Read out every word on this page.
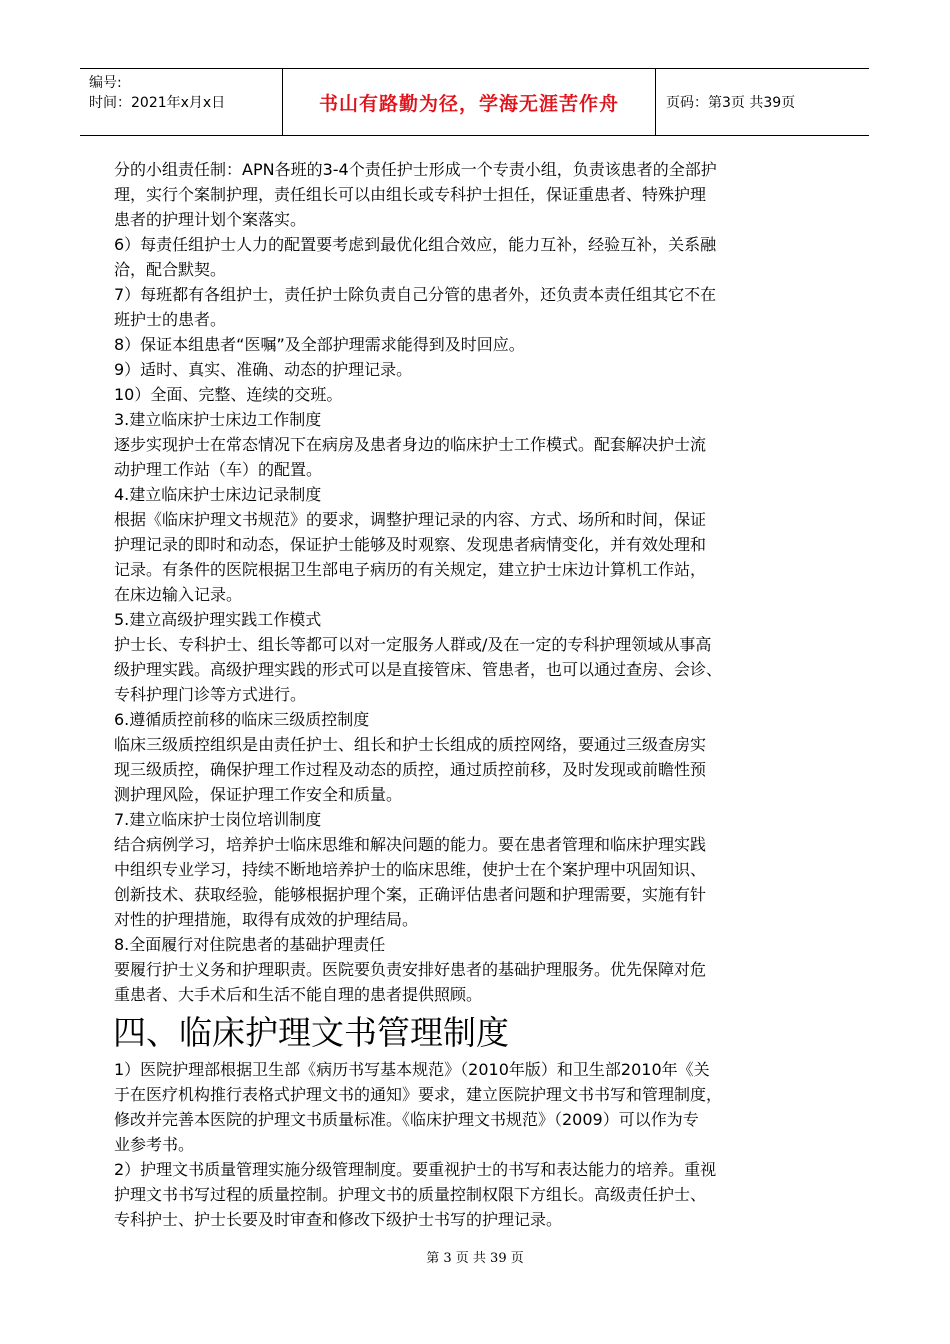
编号:
时间：2021年x月x日	书山有路勤为径，学海无涯苦作舟	页码：第3页 共39页
分的小组责任制：APN各班的3-4个责任护士形成一个专责小组，负责该患者的全部护
理，实行个案制护理，责任组长可以由组长或专科护士担任，保证重患者、特殊护理
患者的护理计划个案落实。
6）每责任组护士人力的配置要考虑到最优化组合效应，能力互补，经验互补，关系融
洽，配合默契。
7）每班都有各组护士，责任护士除负责自己分管的患者外，还负责本责任组其它不在
班护士的患者。
8）保证本组患者“医嘱”及全部护理需求能得到及时回应。
9）适时、真实、准确、动态的护理记录。
10）全面、完整、连续的交班。
3.建立临床护士床边工作制度
逐步实现护士在常态情况下在病房及患者身边的临床护士工作模式。配套解决护士流
动护理工作站（车）的配置。
4.建立临床护士床边记录制度
根据《临床护理文书规范》的要求，调整护理记录的内容、方式、场所和时间，保证
护理记录的即时和动态，保证护士能够及时观察、发现患者病情变化，并有效处理和
记录。有条件的医院根据卫生部电子病历的有关规定，建立护士床边计算机工作站，
在床边输入记录。
5.建立高级护理实践工作模式
护士长、专科护士、组长等都可以对一定服务人群或/及在一定的专科护理领域从事高
级护理实践。高级护理实践的形式可以是直接管床、管患者，也可以通过查房、会诊、
专科护理门诊等方式进行。
6.遵循质控前移的临床三级质控制度
临床三级质控组织是由责任护士、组长和护士长组成的质控网络，要通过三级查房实
现三级质控，确保护理工作过程及动态的质控，通过质控前移，及时发现或前瞻性预
测护理风险，保证护理工作安全和质量。
7.建立临床护士岗位培训制度
结合病例学习，培养护士临床思维和解决问题的能力。要在患者管理和临床护理实践
中组织专业学习，持续不断地培养护士的临床思维，使护士在个案护理中巩固知识、
创新技术、获取经验，能够根据护理个案，正确评估患者问题和护理需要，实施有针
对性的护理措施，取得有成效的护理结局。
8.全面履行对住院患者的基础护理责任
要履行护士义务和护理职责。医院要负责安排好患者的基础护理服务。优先保障对危
重患者、大手术后和生活不能自理的患者提供照顾。
四、临床护理文书管理制度
1）医院护理部根据卫生部《病历书写基本规范》（2010年版）和卫生部2010年《关
于在医疗机构推行表格式护理文书的通知》要求，建立医院护理文书书写和管理制度，
修改并完善本医院的护理文书质量标准。《临床护理文书规范》（2009）可以作为专
业参考书。
2）护理文书质量管理实施分级管理制度。要重视护士的书写和表达能力的培养。重视
护理文书书写过程的质量控制。护理文书的质量控制权限下方组长。高级责任护士、
专科护士、护士长要及时审查和修改下级护士书写的护理记录。
第 3 页 共 39 页
